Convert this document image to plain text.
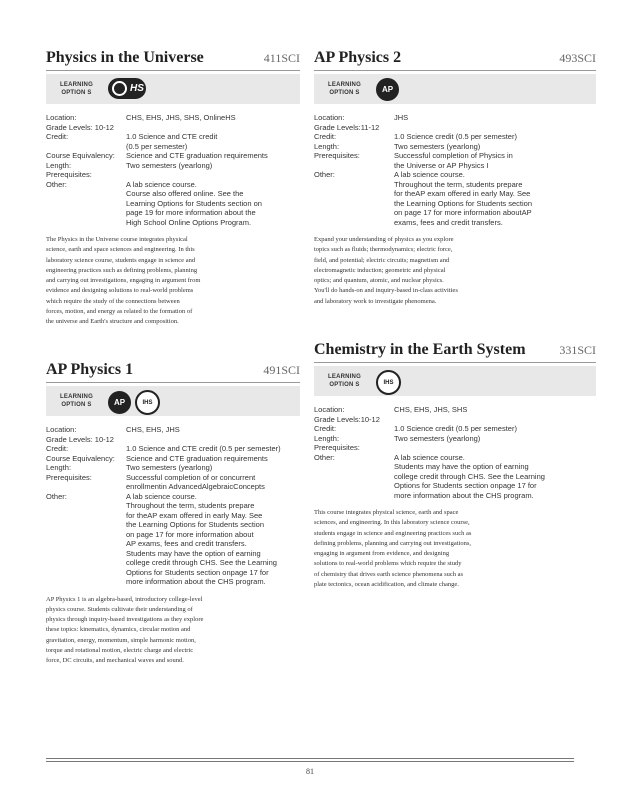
Physics in the Universe	411SCI
LEARNING
OPTION S	HS
Location:	CHS, EHS, JHS, SHS, OnlineHS
Grade Levels: 10-12
Credit:	1.0 Science and CTE credit
(0.5 per semester)
Course Equivalency:	Science and CTE graduation requirements
Length:	Two semesters (yearlong)
Prerequisites:
Other:	A lab science course.
Course also offered online. See the
Learning Options for Students section on
page 19 for more information about the
High School Online Options Program.
The Physics in the Universe course integrates physical
science, earth and space sciences and engineering. In this
laboratory science course, students engage in science and
engineering practices such as defining problems, planning
and carrying out investigations, engaging in argument from
evidence and designing solutions to real-world problems
which require the study of the connections between
forces, motion, and energy as related to the formation of
the universe and Earth's structure and composition.
AP Physics 1	491SCI
LEARNING
OPTION S	AP	IHS
Location:	CHS, EHS, JHS
Grade Levels: 10-12
Credit:	1.0 Science and CTE credit (0.5 per semester)
Course Equivalency:	Science and CTE graduation requirements
Length:	Two semesters (yearlong)
Prerequisites:	Successful completion of or concurrent
enrollmentin AdvancedAlgebraicConcepts
Other:	A lab science course.
Throughout the term, students prepare
for theAP exam offered in early May. See
the Learning Options for Students section
on page 17 for more information about
AP exams, fees and credit transfers.
Students may have the option of earning
college credit through CHS. See the Learning
Options for Students section onpage 17 for
more information about the CHS program.
AP Physics 1 is an algebra-based, introductory college-level
physics course. Students cultivate their understanding of
physics through inquiry-based investigations as they explore
these topics: kinematics, dynamics, circular motion and
gravitation, energy, momentum, simple harmonic motion,
torque and rotational motion, electric charge and electric
force, DC circuits, and mechanical waves and sound.
AP Physics 2	493SCI
LEARNING
OPTION S	AP
Location:	JHS
Grade Levels:11-12
Credit:	1.0 Science credit (0.5 per semester)
Length:	Two semesters (yearlong)
Prerequisites:	Successful completion of Physics in
the Universe or AP Physics I
Other:	A lab science course.
Throughout the term, students prepare
for theAP exam offered in early May. See
the Learning Options for Students section
on page 17 for more information aboutAP
exams, fees and credit transfers.
Expand your understanding of physics as you explore
topics such as fluids; thermodynamics; electric force,
field, and potential; electric circuits; magnetism and
electromagnetic induction; geometric and physical
optics; and quantum, atomic, and nuclear physics.
You'll do hands-on and inquiry-based in-class activities
and laboratory work to investigate phenomena.
Chemistry in the Earth System	331SCI
LEARNING
OPTION S	IHS
Location:	CHS, EHS, JHS, SHS
Grade Levels:10-12
Credit:	1.0 Science credit (0.5 per semester)
Length:	Two semesters (yearlong)
Prerequisites:
Other:	A lab science course.
Students may have the option of earning
college credit through CHS. See the Learning
Options for Students section onpage 17 for
more information about the CHS program.
This course integrates physical science, earth and space
sciences, and engineering. In this laboratory science course,
students engage in science and engineering practices such as
defining problems, planning and carrying out investigations,
engaging in argument from evidence, and designing
solutions to real-world problems which require the study
of chemistry that drives earth science phenomena such as
plate tectonics, ocean acidification, and climate change.
81
